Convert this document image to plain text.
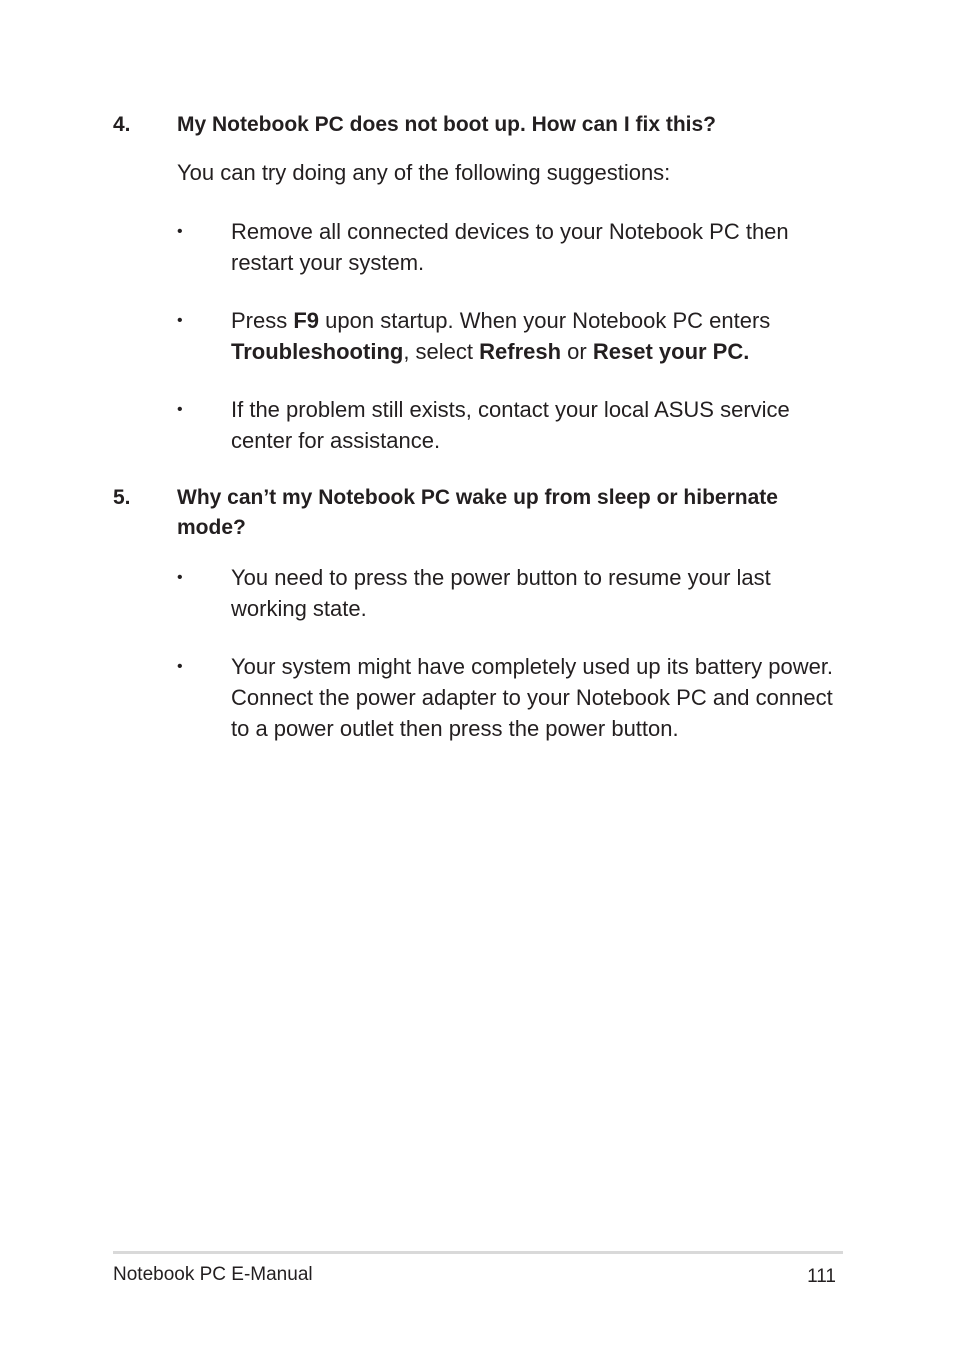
4. My Notebook PC does not boot up. How can I fix this?
You can try doing any of the following suggestions:
•	Remove all connected devices to your Notebook PC then restart your system.
•	Press F9 upon startup. When your Notebook PC enters Troubleshooting, select Refresh or Reset your PC.
•	If the problem still exists, contact your local ASUS service center for assistance.
5. Why can’t my Notebook PC wake up from sleep or hibernate mode?
•	You need to press the power button to resume your last working state.
•	Your system might have completely used up its battery power. Connect the power adapter to your Notebook PC and connect to a power outlet then press the power button.
Notebook PC E-Manual	111
